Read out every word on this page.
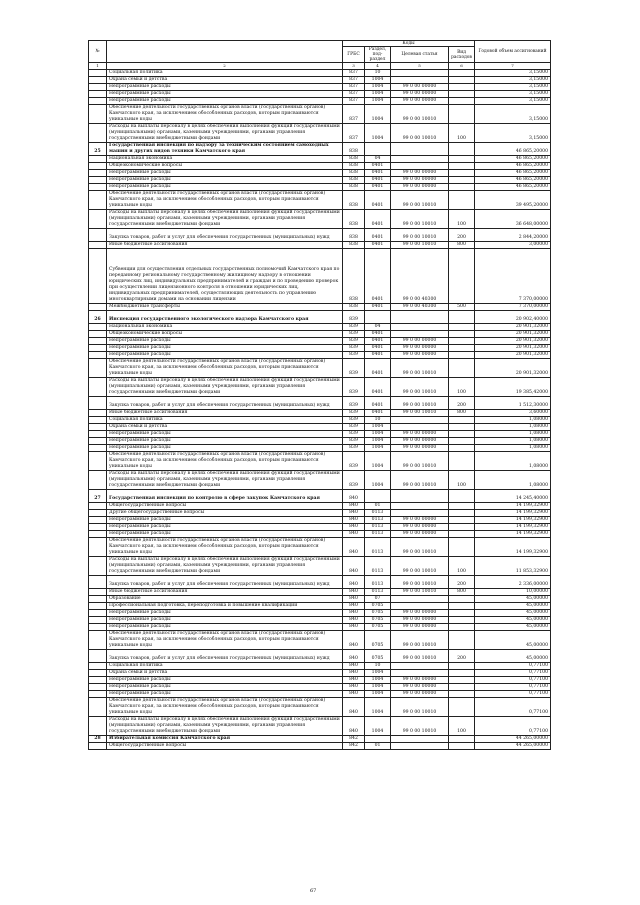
№		Коды				Годовой объем ассигнований
		ГРБС	Раздел, под- раздел	Целевая статья	Вид расходов	
1	2	3	4	5	6	7
	Социальная политика	837	10			3,15000
	Охрана семьи и детства	837	1004			3,15000
	Непрограммные расходы	837	1004	99 0 00 00000		3,15000
	Непрограммные расходы	837	1004	99 0 00 00000		3,15000
	Непрограммные расходы	837	1004	99 0 00 00000		3,15000
	Обеспечение деятельности государственных органов власти (государственных органов) Камчатского края, за исключением обособленных расходов, которым присваиваются уникальные коды	837	1004	99 0 00 10010		3,15000
	Расходы на выплаты персоналу в целях обеспечения выполнения функций государственными (муниципальными) органами, казенными учреждениями, органами управления государственными внебюджетными фондами	837	1004	99 0 00 10010	100	3,15000
25	Государственная инспекция по надзору за техническим состоянием самоходных машин и других видов техники Камчатского края	838				46 865,20000
	Национальная экономика	838	04			46 865,20000
	Общеэкономические вопросы	838	0401			46 865,20000
	Непрограммные расходы	838	0401	99 0 00 00000		46 865,20000
	Непрограммные расходы	838	0401	99 0 00 00000		46 865,20000
	Непрограммные расходы	838	0401	99 0 00 00000		46 865,20000
	Обеспечение деятельности государственных органов власти (государственных органов) Камчатского края, за исключением обособленных расходов, которым присваиваются уникальные коды	838	0401	99 0 00 10010		39 495,20000
	Расходы на выплаты персоналу в целях обеспечения выполнения функций государственными (муниципальными) органами, казенными учреждениями, органами управления государственными внебюджетными фондами	838	0401	99 0 00 10010	100	36 648,00000
	Закупка товаров, работ и услуг для обеспечения государственных (муниципальных) нужд	838	0401	99 0 00 10010	200	2 844,20000
	Иные бюджетные ассигнования	838	0401	99 0 00 10010	800	3,00000
	Субвенции для осуществления отдельных государственных полномочий Камчатского края по переданному региональному государственному жилищному надзору в отношении юридических лиц, индивидуальных предпринимателей и граждан и по проведению проверок при осуществлении лицензионного контроля в отношении юридических лиц, индивидуальных предпринимателей, осуществляющих деятельность по управлению многоквартирными домами на основании лицензии	838	0401	99 0 00 40300		7 370,00000
	Межбюджетные трансферты	838	0401	99 0 00 40300	500	7 370,00000
26	Инспекция государственного экологического надзора Камчатского края	839				20 902,40000
	Национальная экономика	839	04			20 901,32000
	Общеэкономические вопросы	839	0401			20 901,32000
	Непрограммные расходы	839	0401	99 0 00 00000		20 901,32000
	Непрограммные расходы	839	0401	99 0 00 00000		20 901,32000
	Непрограммные расходы	839	0401	99 0 00 00000		20 901,32000
	Обеспечение деятельности государственных органов власти (государственных органов) Камчатского края, за исключением обособленных расходов, которым присваиваются уникальные коды	839	0401	99 0 00 10010		20 901,32000
	Расходы на выплаты персоналу в целях обеспечения выполнения функций государственными (муниципальными) органами, казенными учреждениями, органами управления государственными внебюджетными фондами	839	0401	99 0 00 10010	100	19 385,42000
	Закупка товаров, работ и услуг для обеспечения государственных (муниципальных) нужд	839	0401	99 0 00 10010	200	1 512,30000
	Иные бюджетные ассигнования	839	0401	99 0 00 10010	800	3,60000
	Социальная политика	839	10			1,08000
	Охрана семьи и детства	839	1004			1,08000
	Непрограммные расходы	839	1004	99 0 00 00000		1,08000
	Непрограммные расходы	839	1004	99 0 00 00000		1,08000
	Непрограммные расходы	839	1004	99 0 00 00000		1,08000
	Обеспечение деятельности государственных органов власти (государственных органов) Камчатского края, за исключением обособленных расходов, которым присваиваются уникальные коды	839	1004	99 0 00 10010		1,08000
	Расходы на выплаты персоналу в целях обеспечения выполнения функций государственными (муниципальными) органами, казенными учреждениями, органами управления государственными внебюджетными фондами	839	1004	99 0 00 10010	100	1,08000
27	Государственная инспекция по контролю в сфере закупок Камчатского края	840				14 245,40000
	Общегосударственные вопросы	840	01			14 199,32900
	Другие общегосударственные вопросы	840	0113			14 199,32900
	Непрограммные расходы	840	0113	99 0 00 00000		14 199,32900
	Непрограммные расходы	840	0113	99 0 00 00000		14 199,32900
	Непрограммные расходы	840	0113	99 0 00 00000		14 199,32900
	Обеспечение деятельности государственных органов власти (государственных органов) Камчатского края, за исключением обособленных расходов, которым присваиваются уникальные коды	840	0113	99 0 00 10010		14 199,32900
	Расходы на выплаты персоналу в целях обеспечения выполнения функций государственными (муниципальными) органами, казенными учреждениями, органами управления государственными внебюджетными фондами	840	0113	99 0 00 10010	100	11 853,32900
	Закупка товаров, работ и услуг для обеспечения государственных (муниципальных) нужд	840	0113	99 0 00 10010	200	2 336,00000
	Иные бюджетные ассигнования	840	0113	99 0 00 10010	800	10,00000
	Образование	840	07			45,00000
	Профессиональная подготовка, переподготовка и повышение квалификации	840	0705			45,00000
	Непрограммные расходы	840	0705	99 0 00 00000		45,00000
	Непрограммные расходы	840	0705	99 0 00 00000		45,00000
	Непрограммные расходы	840	0705	99 0 00 00000		45,00000
	Обеспечение деятельности государственных органов власти (государственных органов) Камчатского края, за исключением обособленных расходов, которым присваиваются уникальные коды	840	0705	99 0 00 10010		45,00000
	Закупка товаров, работ и услуг для обеспечения государственных (муниципальных) нужд	840	0705	99 0 00 10010	200	45,00000
	Социальная политика	840	10			0,77100
	Охрана семьи и детства	840	1004			0,77100
	Непрограммные расходы	840	1004	99 0 00 00000		0,77100
	Непрограммные расходы	840	1004	99 0 00 00000		0,77100
	Непрограммные расходы	840	1004	99 0 00 00000		0,77100
	Обеспечение деятельности государственных органов власти (государственных органов) Камчатского края, за исключением обособленных расходов, которым присваиваются уникальные коды	840	1004	99 0 00 10010		0,77100
	Расходы на выплаты персоналу в целях обеспечения выполнения функций государственными (муниципальными) органами, казенными учреждениями, органами управления государственными внебюджетными фондами	840	1004	99 0 00 10010	100	0,77100
28	Избирательная комиссия Камчатского края	842				44 265,00000
	Общегосударственные вопросы	842	01			44 265,00000
67
